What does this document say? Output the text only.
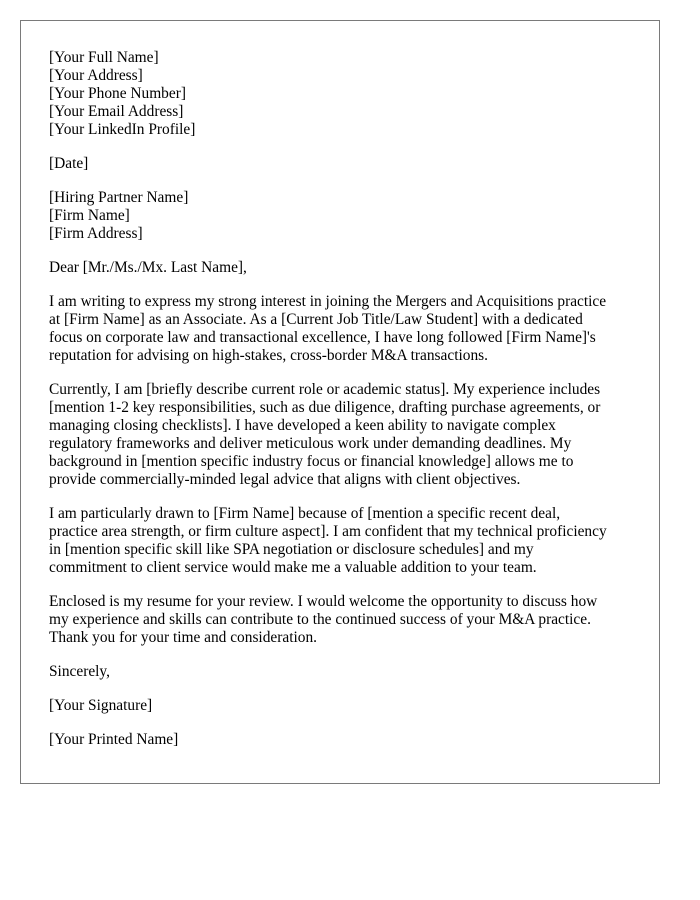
[Your Full Name]
[Your Address]
[Your Phone Number]
[Your Email Address]
[Your LinkedIn Profile]
[Date]
[Hiring Partner Name]
[Firm Name]
[Firm Address]
Dear [Mr./Ms./Mx. Last Name],

I am writing to express my strong interest in joining the Mergers and Acquisitions practice
at [Firm Name] as an Associate. As a [Current Job Title/Law Student] with a dedicated
focus on corporate law and transactional excellence, I have long followed [Firm Name]'s
reputation for advising on high-stakes, cross-border M&A transactions.

Currently, I am [briefly describe current role or academic status]. My experience includes
[mention 1-2 key responsibilities, such as due diligence, drafting purchase agreements, or
managing closing checklists]. I have developed a keen ability to navigate complex
regulatory frameworks and deliver meticulous work under demanding deadlines. My
background in [mention specific industry focus or financial knowledge] allows me to
provide commercially-minded legal advice that aligns with client objectives.

I am particularly drawn to [Firm Name] because of [mention a specific recent deal,
practice area strength, or firm culture aspect]. I am confident that my technical proficiency
in [mention specific skill like SPA negotiation or disclosure schedules] and my
commitment to client service would make me a valuable addition to your team.

Enclosed is my resume for your review. I would welcome the opportunity to discuss how
my experience and skills can contribute to the continued success of your M&A practice.
Thank you for your time and consideration.

Sincerely,
[Your Signature]
[Your Printed Name]
